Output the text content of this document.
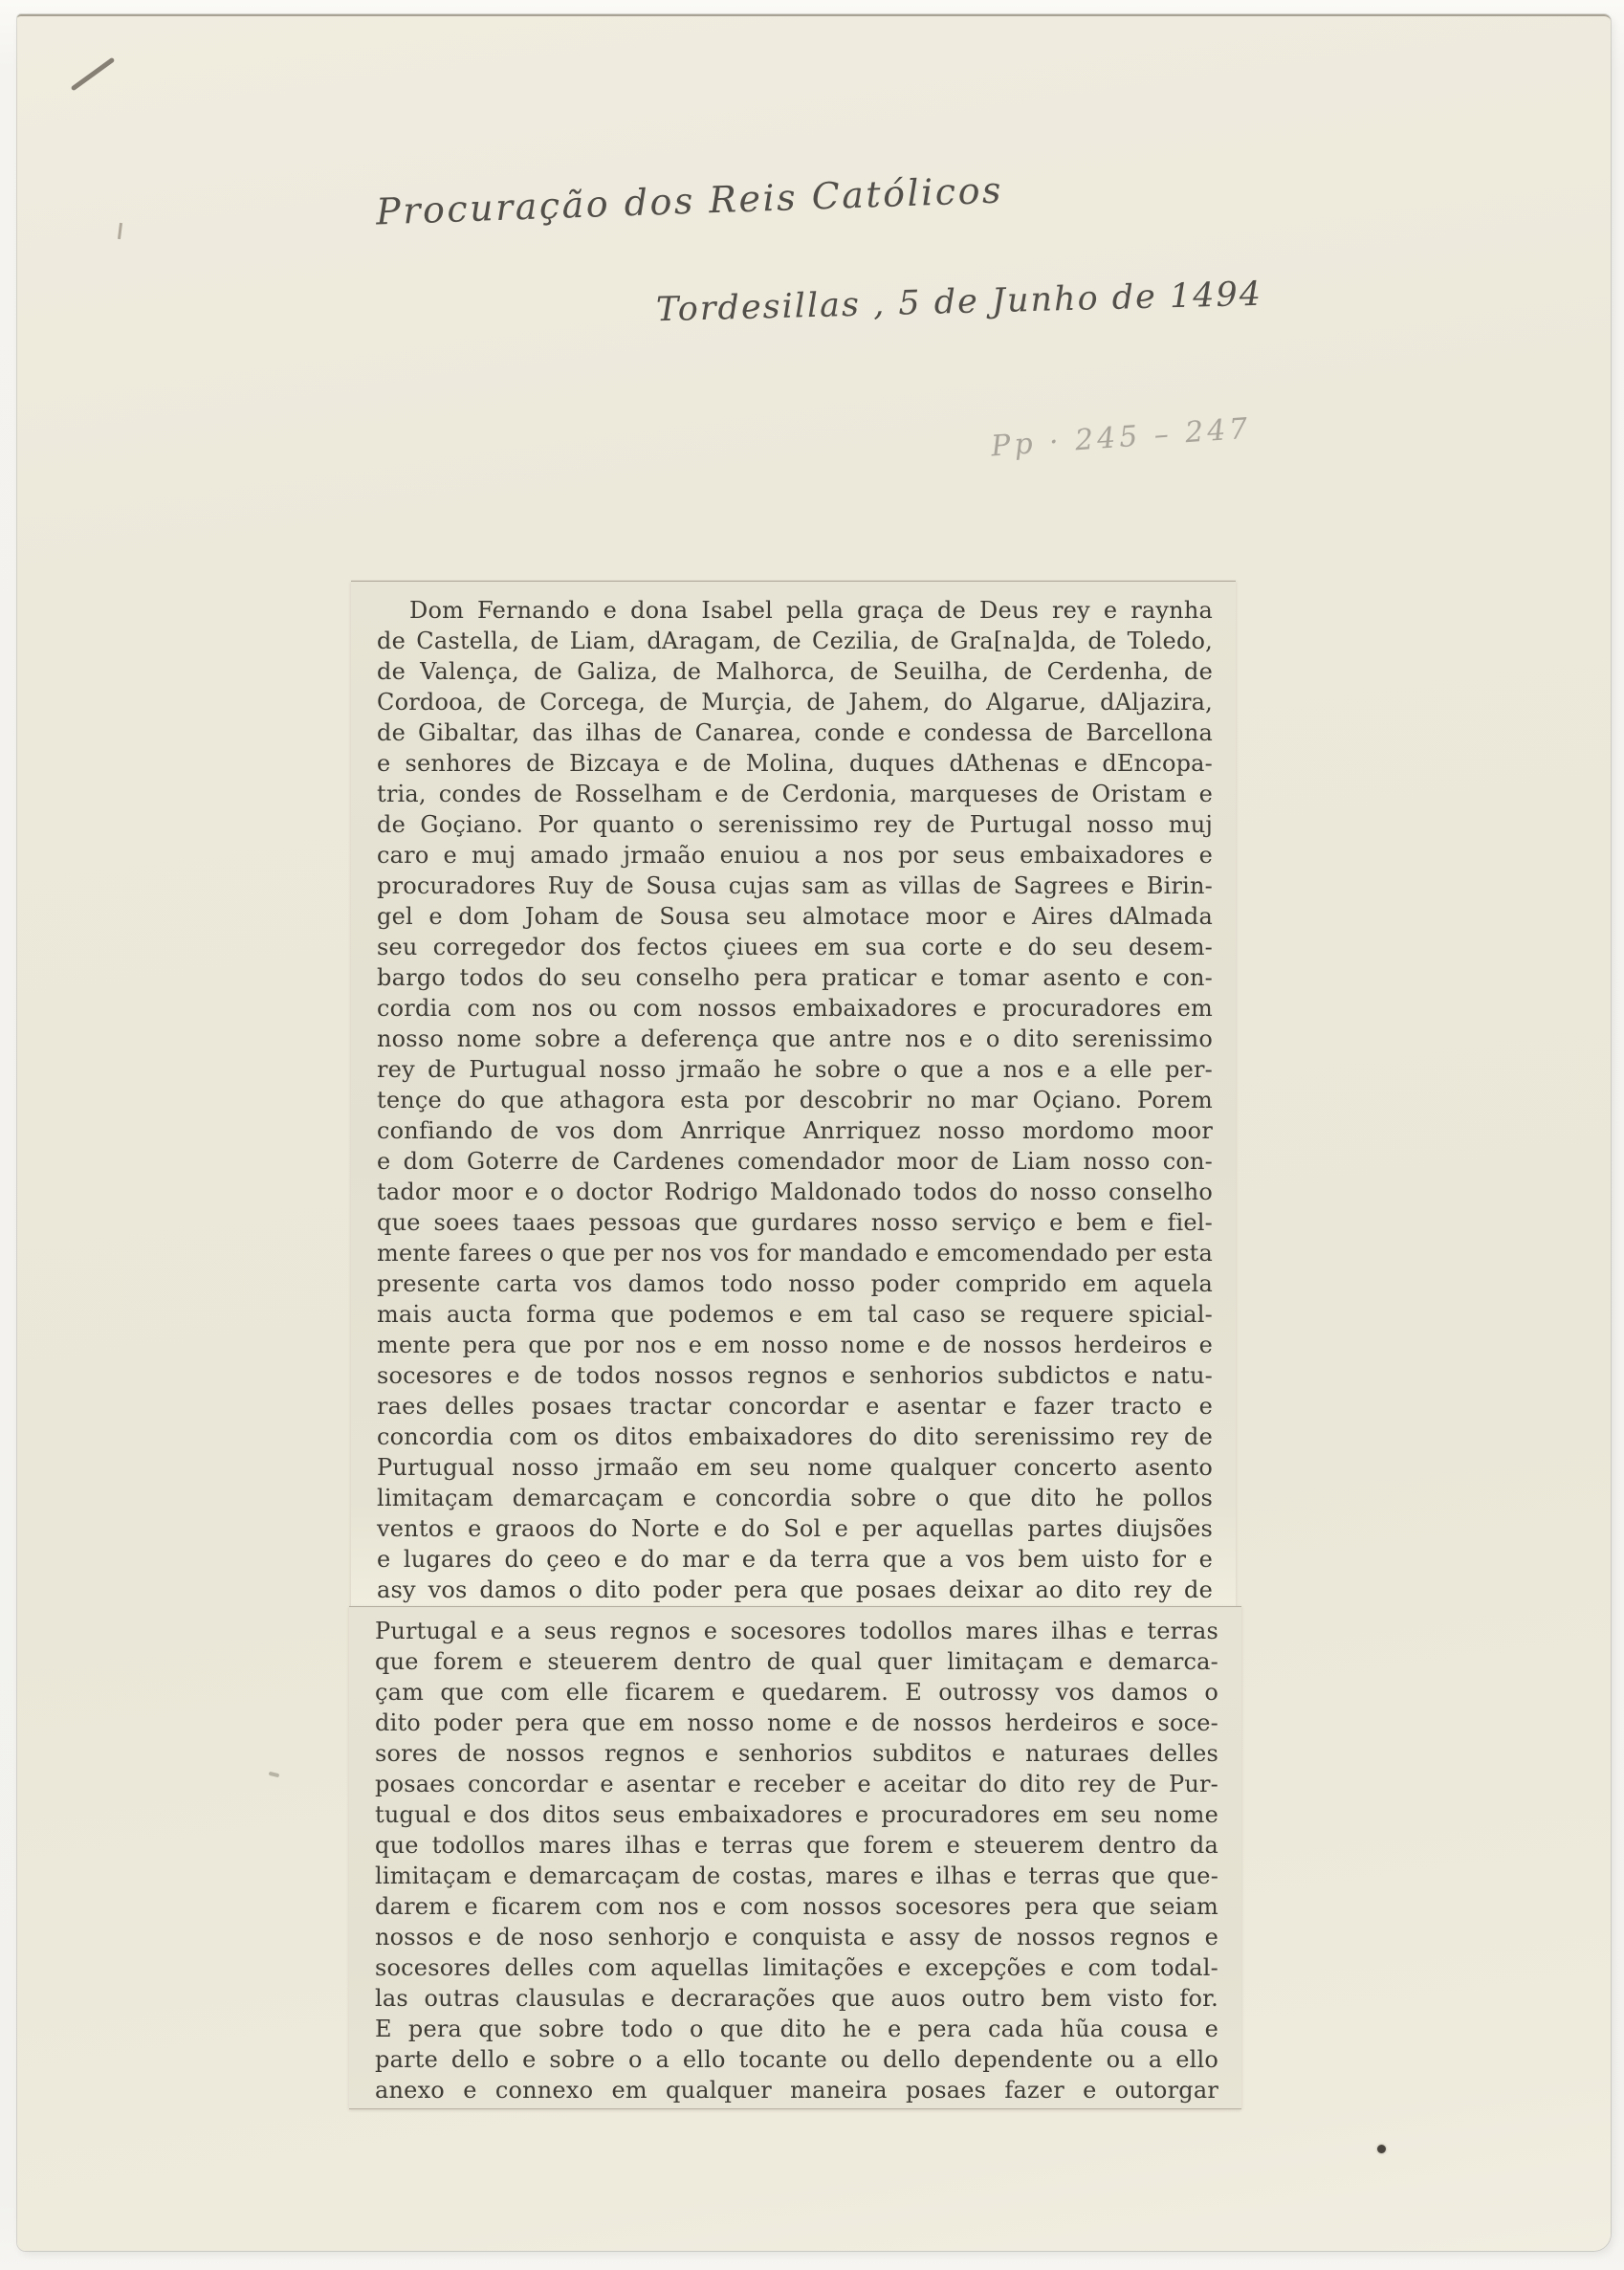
Procuração dos Reis Católicos
Tordesillas , 5 de Junho de 1494
Pp · 245 – 247
Dom Fernando e dona Isabel pella graça de Deus rey e raynha
de Castella, de Liam, dAragam, de Cezilia, de Gra[na]da, de Toledo,
de Valença, de Galiza, de Malhorca, de Seuilha, de Cerdenha, de
Cordooa, de Corcega, de Murçia, de Jahem, do Algarue, dAljazira,
de Gibaltar, das ilhas de Canarea, conde e condessa de Barcellona
e senhores de Bizcaya e de Molina, duques dAthenas e dEncopa-
tria, condes de Rosselham e de Cerdonia, marqueses de Oristam e
de Goçiano. Por quanto o serenissimo rey de Purtugal nosso muj
caro e muj amado jrmaão enuiou a nos por seus embaixadores e
procuradores Ruy de Sousa cujas sam as villas de Sagrees e Birin-
gel e dom Joham de Sousa seu almotace moor e Aires dAlmada
seu corregedor dos fectos çiuees em sua corte e do seu desem-
bargo todos do seu conselho pera praticar e tomar asento e con-
cordia com nos ou com nossos embaixadores e procuradores em
nosso nome sobre a deferença que antre nos e o dito serenissimo
rey de Purtugual nosso jrmaão he sobre o que a nos e a elle per-
tençe do que athagora esta por descobrir no mar Oçiano. Porem
confiando de vos dom Anrrique Anrriquez nosso mordomo moor
e dom Goterre de Cardenes comendador moor de Liam nosso con-
tador moor e o doctor Rodrigo Maldonado todos do nosso conselho
que soees taaes pessoas que gurdares nosso serviço e bem e fiel-
mente farees o que per nos vos for mandado e emcomendado per esta
presente carta vos damos todo nosso poder comprido em aquela
mais aucta forma que podemos e em tal caso se requere spicial-
mente pera que por nos e em nosso nome e de nossos herdeiros e
socesores e de todos nossos regnos e senhorios subdictos e natu-
raes delles posaes tractar concordar e asentar e fazer tracto e
concordia com os ditos embaixadores do dito serenissimo rey de
Purtugual nosso jrmaão em seu nome qualquer concerto asento
limitaçam demarcaçam e concordia sobre o que dito he pollos
ventos e graoos do Norte e do Sol e per aquellas partes diujsões
e lugares do çeeo e do mar e da terra que a vos bem uisto for e
asy vos damos o dito poder pera que posaes deixar ao dito rey de
Purtugal e a seus regnos e socesores todollos mares ilhas e terras
que forem e steuerem dentro de qual quer limitaçam e demarca-
çam que com elle ficarem e quedarem. E outrossy vos damos o
dito poder pera que em nosso nome e de nossos herdeiros e soce-
sores de nossos regnos e senhorios subditos e naturaes delles
posaes concordar e asentar e receber e aceitar do dito rey de Pur-
tugual e dos ditos seus embaixadores e procuradores em seu nome
que todollos mares ilhas e terras que forem e steuerem dentro da
limitaçam e demarcaçam de costas, mares e ilhas e terras que que-
darem e ficarem com nos e com nossos socesores pera que seiam
nossos e de noso senhorjo e conquista e assy de nossos regnos e
socesores delles com aquellas limitações e excepções e com todal-
las outras clausulas e decrarações que auos outro bem visto for.
E pera que sobre todo o que dito he e pera cada hũa cousa e
parte dello e sobre o a ello tocante ou dello dependente ou a ello
anexo e connexo em qualquer maneira posaes fazer e outorgar
